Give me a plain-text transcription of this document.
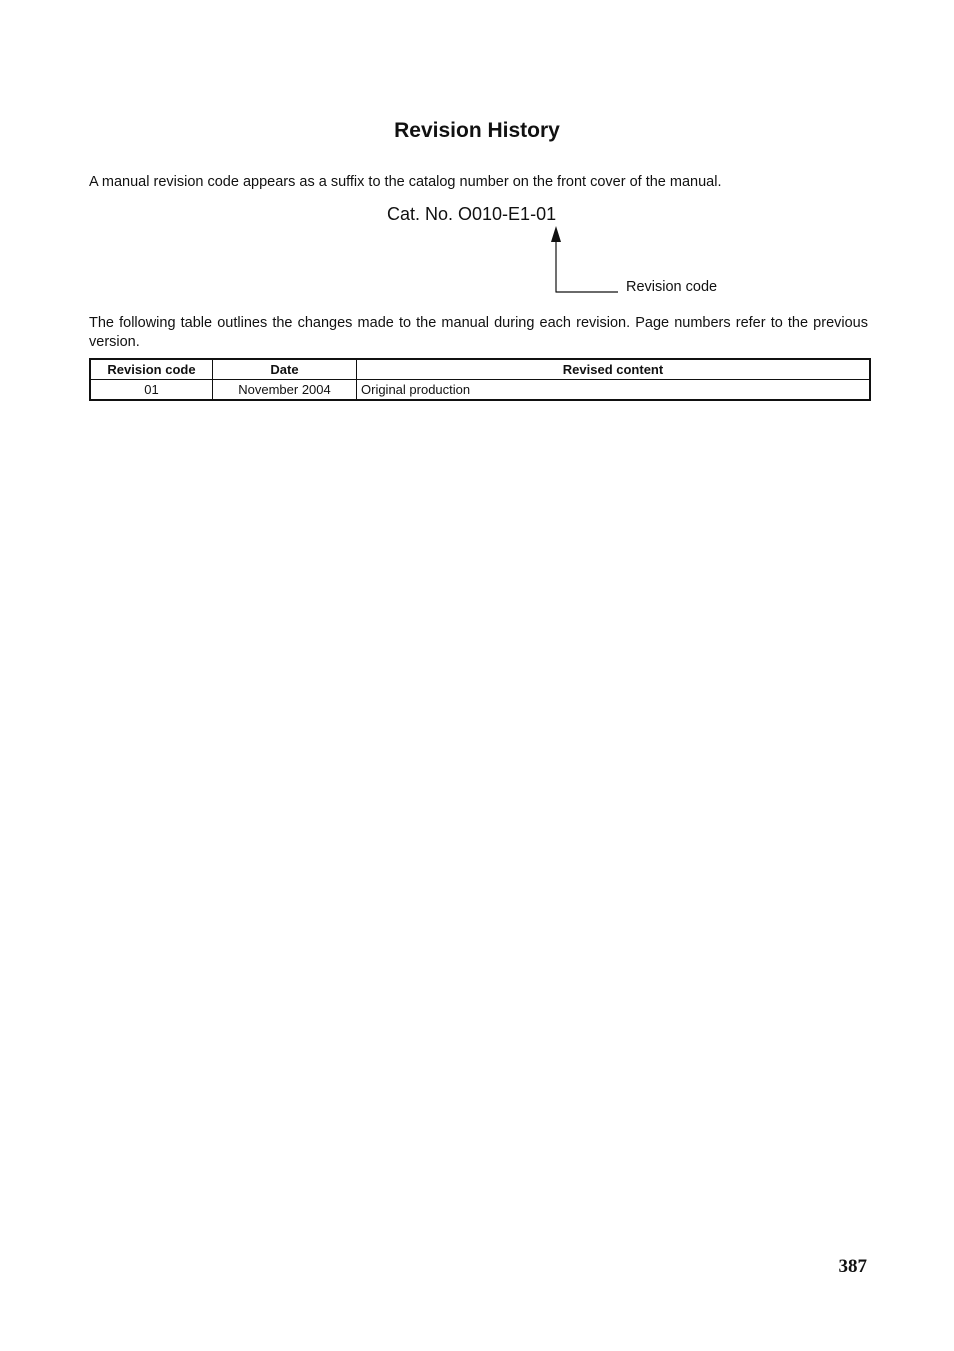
Revision History

A manual revision code appears as a suffix to the catalog number on the front cover of the manual.

Cat. No. O010-E1-01

Revision code

The following table outlines the changes made to the manual during each revision. Page numbers refer to the previous version.

Revision code	Date	Revised content
01	November 2004	Original production

387
